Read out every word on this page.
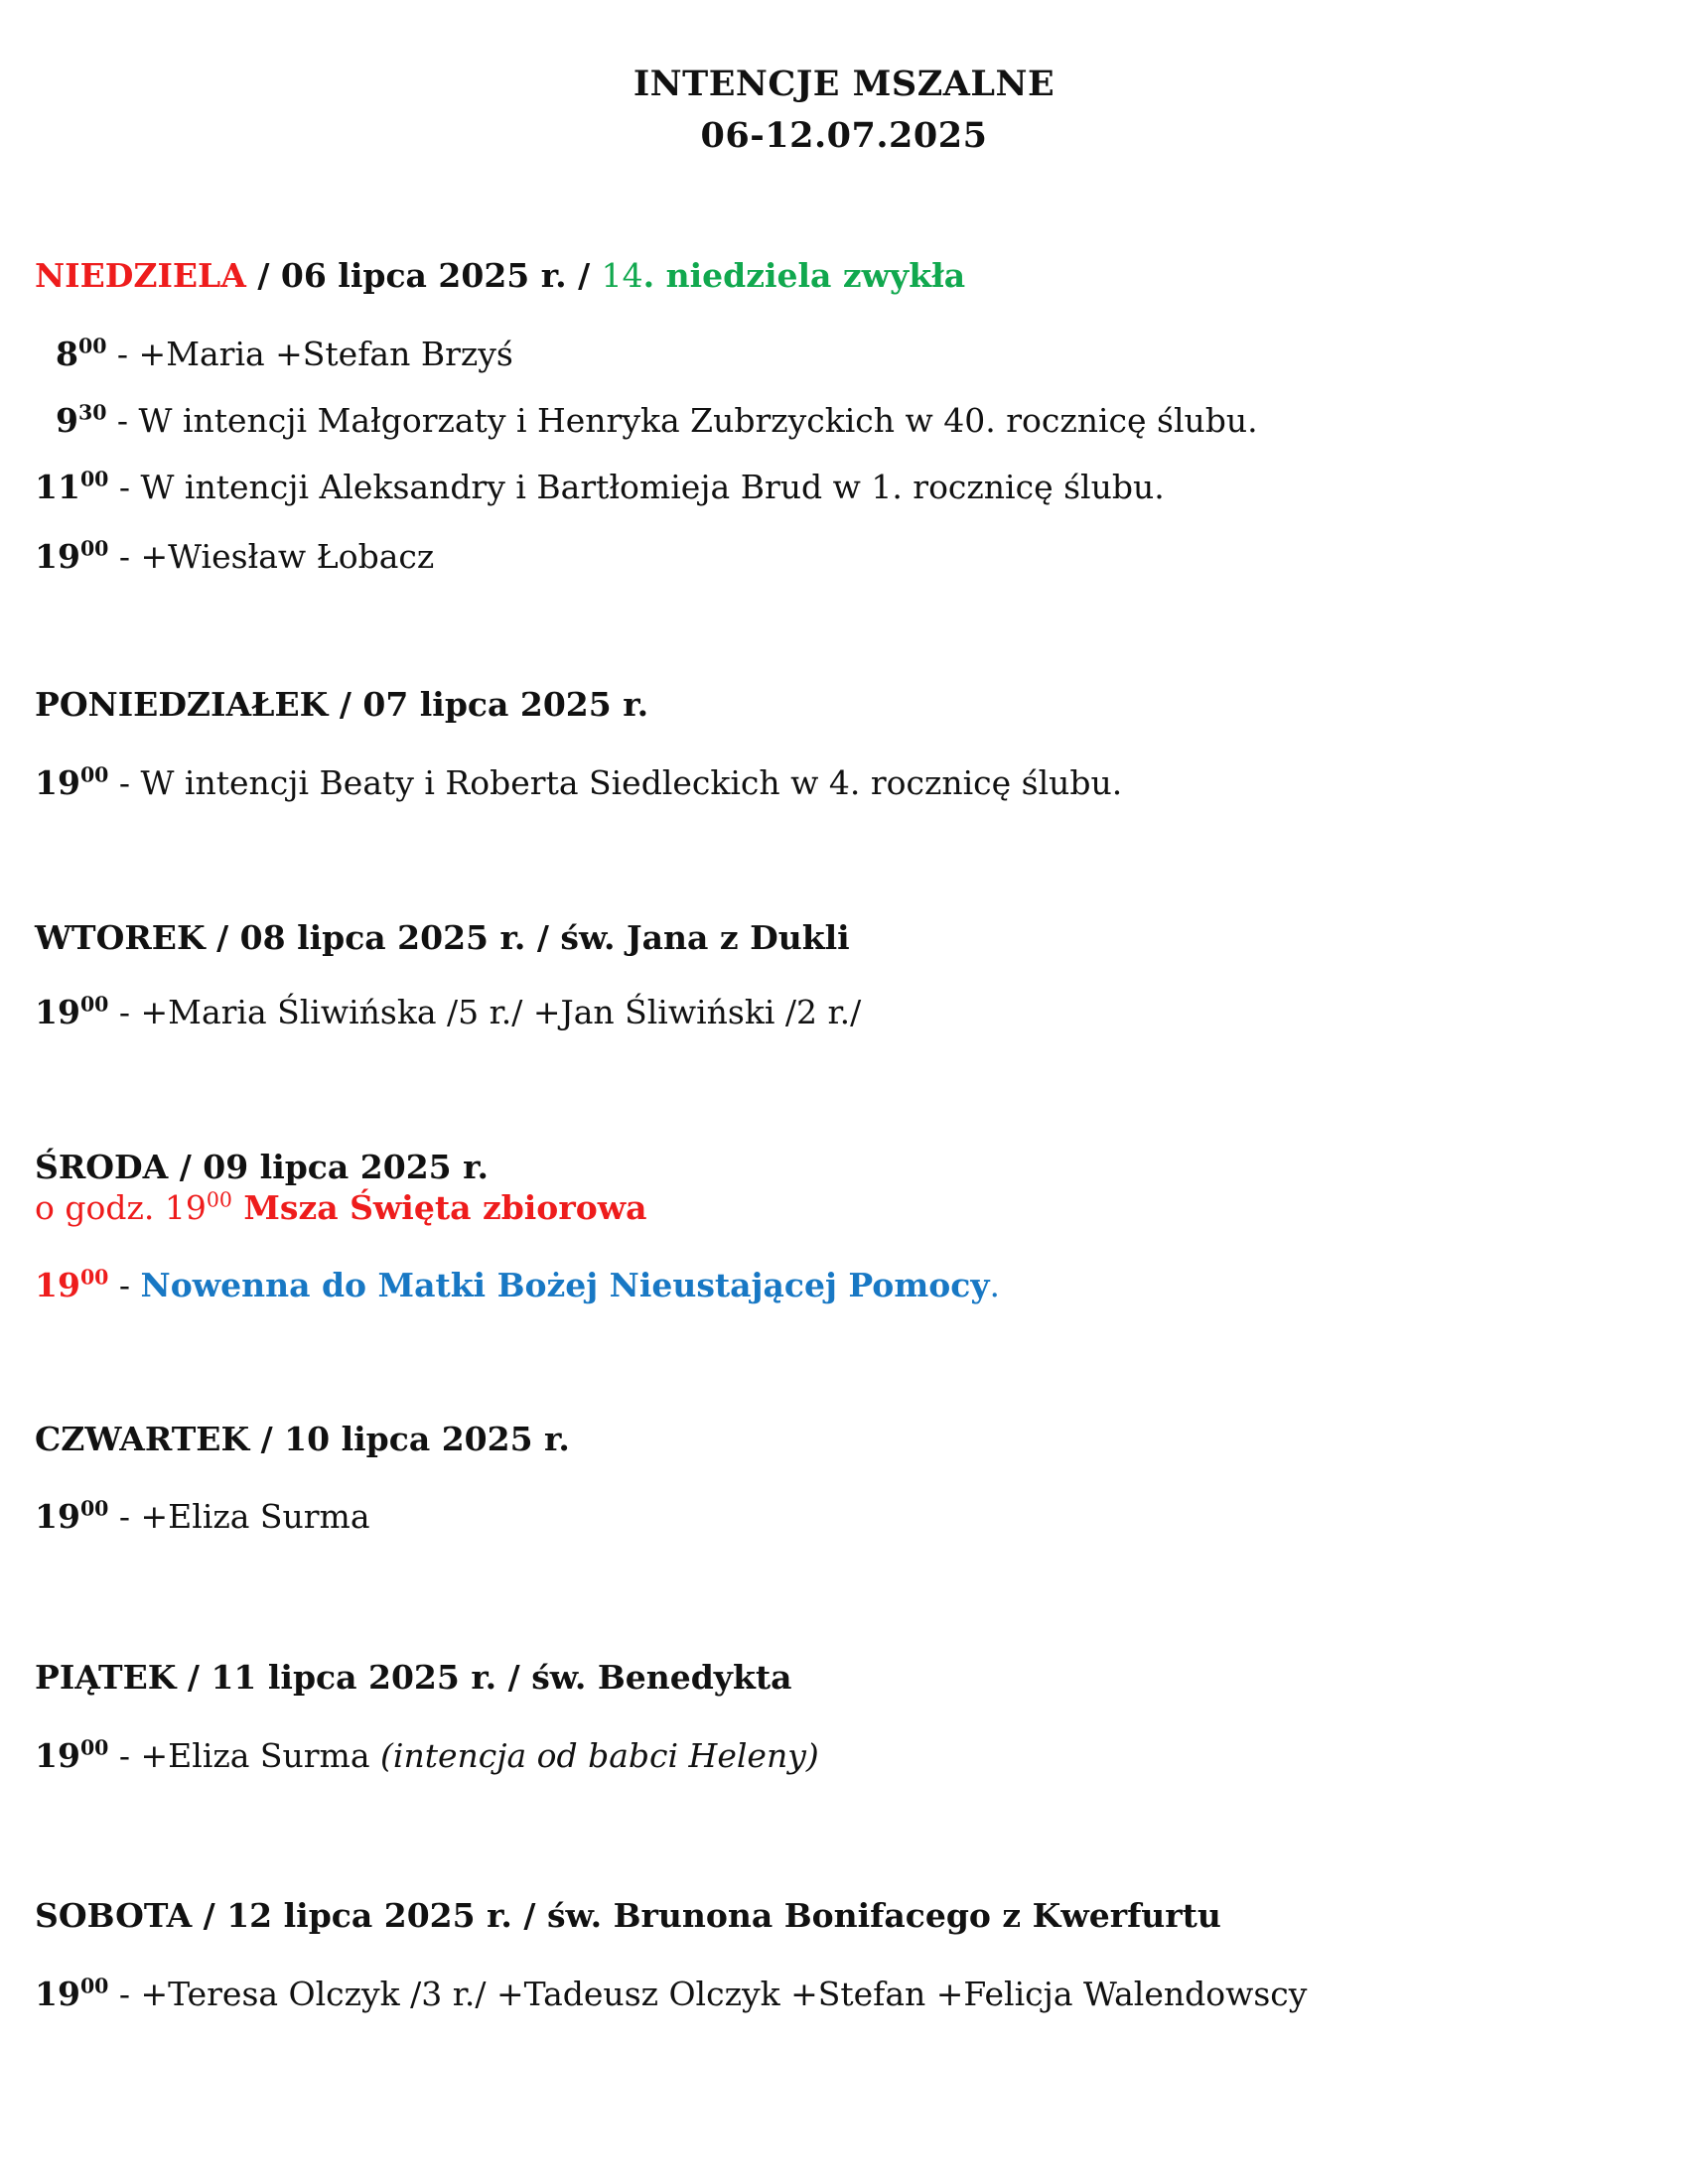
INTENCJE MSZALNE
06-12.07.2025
NIEDZIELA / 06 lipca 2025 r. / 14. niedziela zwykła
$8^{00}$ - +Maria +Stefan Brzyś
$9^{30}$ - W intencji Małgorzaty i Henryka Zubrzyckich w 40. rocznicę ślubu.
$11^{00}$ - W intencji Aleksandry i Bartłomieja Brud w 1. rocznicę ślubu.
$19^{00}$ - +Wiesław Łobacz
PONIEDZIAŁEK / 07 lipca 2025 r.
$19^{00}$ - W intencji Beaty i Roberta Siedleckich w 4. rocznicę ślubu.
WTOREK / 08 lipca 2025 r. / św. Jana z Dukli
$19^{00}$ - +Maria Śliwińska /5 r./ +Jan Śliwiński /2 r./
ŚRODA / 09 lipca 2025 r.
o godz. $19^{00}$ Msza Święta zbiorowa
$19^{00}$ - Nowenna do Matki Bożej Nieustającej Pomocy.
CZWARTEK / 10 lipca 2025 r.
$19^{00}$ - +Eliza Surma
PIĄTEK / 11 lipca 2025 r. / św. Benedykta
$19^{00}$ - +Eliza Surma (intencja od babci Heleny)
SOBOTA / 12 lipca 2025 r. / św. Brunona Bonifacego z Kwerfurtu
$19^{00}$ - +Teresa Olczyk /3 r./ +Tadeusz Olczyk +Stefan +Felicja Walendowscy
